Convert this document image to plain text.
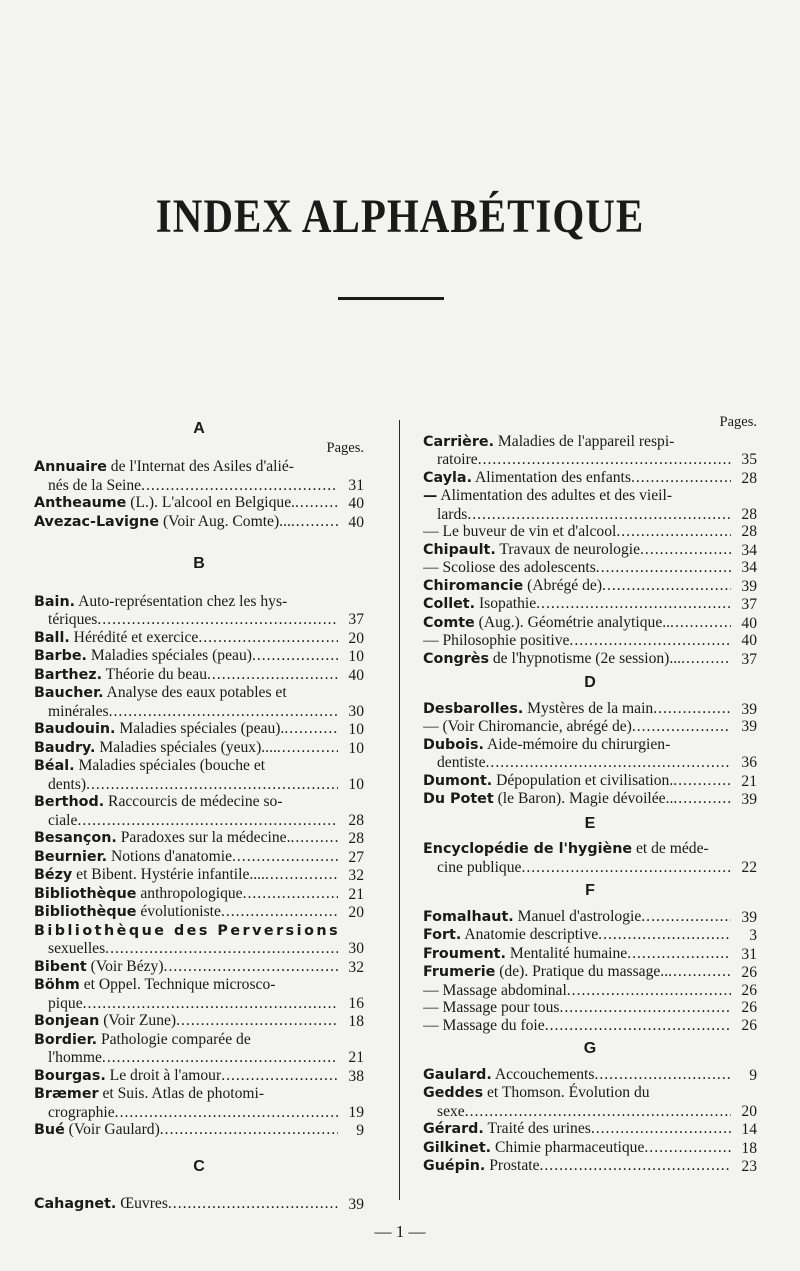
INDEX ALPHABÉTIQUE
A
Pages.
Annuaire de l'Internat des Asiles d'alié-
nés de la Seine .....	31
Antheaume (L.). L'alcool en Belgique. .....	40
Avezac-Lavigne (Voir Aug. Comte)... .....	40
B
Bain. Auto-représentation chez les hys-
tériques .....	37
Ball. Hérédité et exercice .....	20
Barbe. Maladies spéciales (peau) .....	10
Barthez. Théorie du beau .....	40
Baucher. Analyse des eaux potables et
minérales .....	30
Baudouin. Maladies spéciales (peau). .....	10
Baudry. Maladies spéciales (yeux).... .....	10
Béal. Maladies spéciales (bouche et
dents) .....	10
Berthod. Raccourcis de médecine so-
ciale .....	28
Besançon. Paradoxes sur la médecine. .....	28
Beurnier. Notions d'anatomie .....	27
Bézy et Bibent. Hystérie infantile.... .....	32
Bibliothèque anthropologique .....	21
Bibliothèque évolutioniste .....	20
Bibliothèque des Perversions
sexuelles .....	30
Bibent (Voir Bézy) .....	32
Böhm et Oppel. Technique microsco-
pique .....	16
Bonjean (Voir Zune) .....	18
Bordier. Pathologie comparée de
l'homme .....	21
Bourgas. Le droit à l'amour .....	38
Bræmer et Suis. Atlas de photomi-
crographie .....	19
Bué (Voir Gaulard) .....	9
C
Cahagnet. Œuvres .....	39
Pages.
Carrière. Maladies de l'appareil respi-
ratoire .....	35
Cayla. Alimentation des enfants .....	28
— Alimentation des adultes et des vieil-
lards .....	28
— Le buveur de vin et d'alcool .....	28
Chipault. Travaux de neurologie .....	34
— Scoliose des adolescents .....	34
Chiromancie (Abrégé de) .....	39
Collet. Isopathie .....	37
Comte (Aug.). Géométrie analytique.. .....	40
— Philosophie positive .....	40
Congrès de l'hypnotisme (2e session)... .....	37
D
Desbarolles. Mystères de la main .....	39
— (Voir Chiromancie, abrégé de) .....	39
Dubois. Aide-mémoire du chirurgien-
dentiste .....	36
Dumont. Dépopulation et civilisation. .....	21
Du Potet (le Baron). Magie dévoilée.. .....	39
E
Encyclopédie de l'hygiène et de méde-
cine publique .....	22
F
Fomalhaut. Manuel d'astrologie .....	39
Fort. Anatomie descriptive .....	3
Froument. Mentalité humaine .....	31
Frumerie (de). Pratique du massage.. .....	26
— Massage abdominal .....	26
— Massage pour tous .....	26
— Massage du foie .....	26
G
Gaulard. Accouchements .....	9
Geddes et Thomson. Évolution du
sexe .....	20
Gérard. Traité des urines .....	14
Gilkinet. Chimie pharmaceutique .....	18
Guépin. Prostate .....	23
— 1 —
